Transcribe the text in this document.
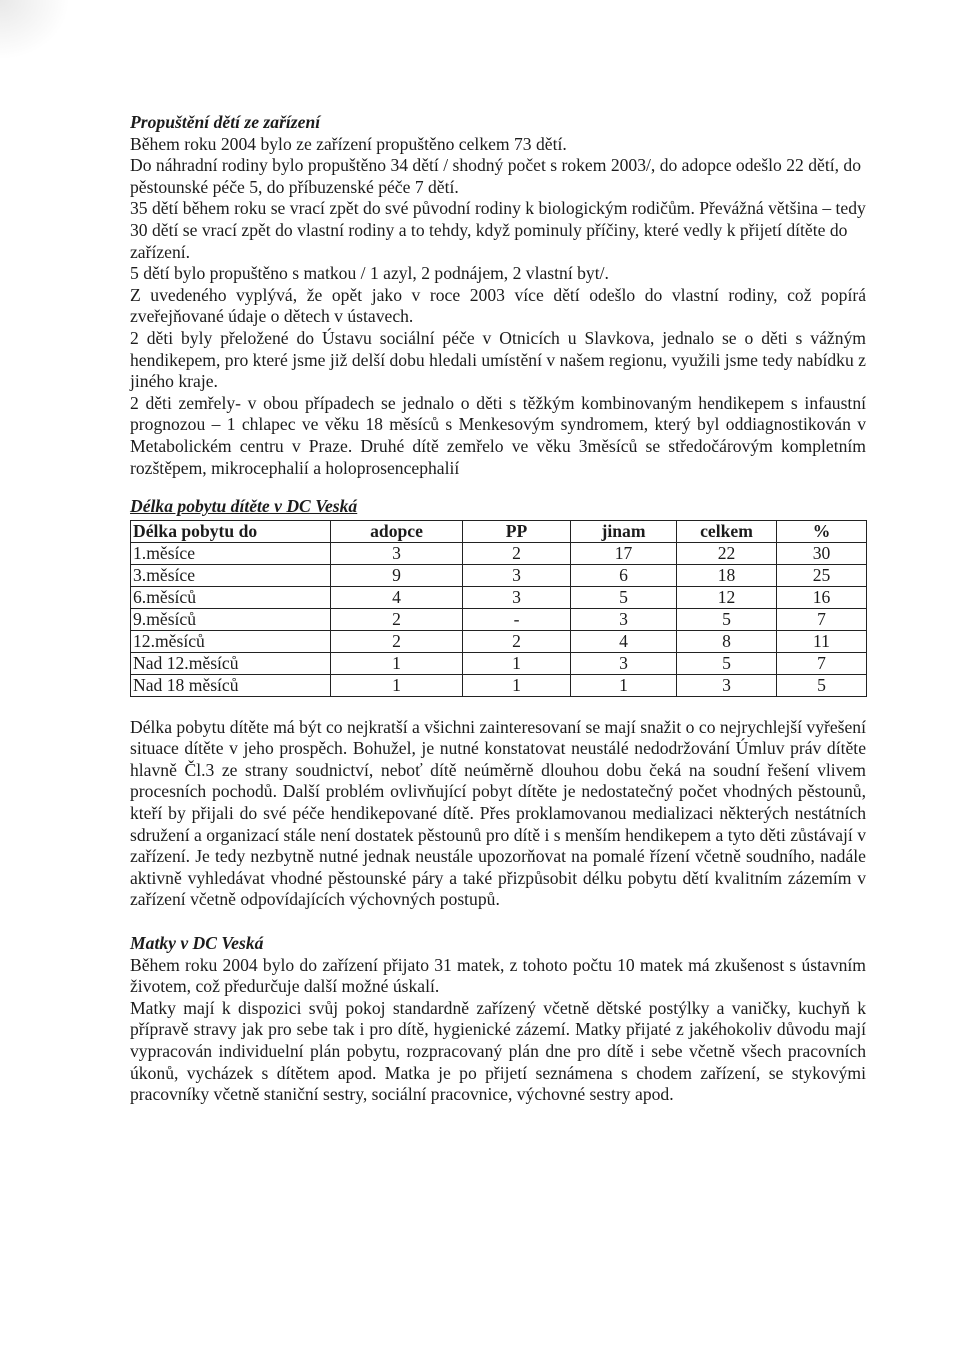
Propuštění dětí ze zařízení

Během roku 2004 bylo ze zařízení propuštěno celkem 73 dětí.

Do náhradní rodiny bylo propuštěno 34 dětí / shodný počet s rokem 2003/, do adopce odešlo 22 dětí, do pěstounské péče 5, do příbuzenské péče 7 dětí.

35 dětí během roku se vrací zpět do své původní rodiny k biologickým rodičům. Převážná většina – tedy 30 dětí se vrací zpět do vlastní rodiny a to tehdy, když pominuly příčiny, které vedly k přijetí dítěte do zařízení.

5 dětí bylo propuštěno s matkou / 1 azyl, 2 podnájem, 2 vlastní byt/.

Z uvedeného vyplývá, že opět jako v roce 2003 více dětí odešlo do vlastní rodiny, což popírá zveřejňované údaje o dětech v ústavech.

2 děti byly přeložené do Ústavu sociální péče v Otnicích u Slavkova, jednalo se o děti s vážným hendikepem, pro které jsme již delší dobu hledali umístění v našem regionu, využili jsme tedy nabídku z jiného kraje.

2 děti zemřely- v obou případech se jednalo o děti s těžkým kombinovaným hendikepem s infaustní prognozou – 1 chlapec ve věku 18 měsíců s Menkesovým syndromem, který byl oddiagnostikován v Metabolickém centru v Praze. Druhé dítě zemřelo ve věku 3měsíců se středočárovým kompletním rozštěpem, mikrocephalií a holoprosencephalií

Délka pobytu dítěte v DC Veská

Délka pobytu do	adopce	PP	jinam	celkem	%
1.měsíce	3	2	17	22	30
3.měsíce	9	3	6	18	25
6.měsíců	4	3	5	12	16
9.měsíců	2	-	3	5	7
12.měsíců	2	2	4	8	11
Nad 12.měsíců	1	1	3	5	7
Nad 18 měsíců	1	1	1	3	5

Délka pobytu dítěte má být co nejkratší a všichni zainteresovaní se mají snažit o co nejrychlejší vyřešení situace dítěte v jeho prospěch. Bohužel, je nutné konstatovat neustálé nedodržování Úmluv práv dítěte hlavně Čl.3 ze strany soudnictví, neboť dítě neúměrně dlouhou dobu čeká na soudní řešení vlivem procesních pochodů. Další problém ovlivňující pobyt dítěte je nedostatečný počet vhodných pěstounů, kteří by přijali do své péče hendikepované dítě. Přes proklamovanou medializaci některých nestátních sdružení a organizací stále není dostatek pěstounů pro dítě i s menším hendikepem a tyto děti zůstávají v zařízení. Je tedy nezbytně nutné jednak neustále upozorňovat na pomalé řízení včetně soudního, nadále aktivně vyhledávat vhodné pěstounské páry a také přizpůsobit délku pobytu dětí kvalitním zázemím v zařízení včetně odpovídajících výchovných postupů.

Matky v DC Veská

Během roku 2004 bylo do zařízení přijato 31 matek, z tohoto počtu 10 matek má zkušenost s ústavním životem, což předurčuje další možné úskalí.

Matky mají k dispozici svůj pokoj standardně zařízený včetně dětské postýlky a vaničky, kuchyň k přípravě stravy jak pro sebe tak i pro dítě, hygienické zázemí. Matky přijaté z jakéhokoliv důvodu mají vypracován individuelní plán pobytu, rozpracovaný plán dne pro dítě i sebe včetně všech pracovních úkonů, vycházek s dítětem apod. Matka je po přijetí seznámena s chodem zařízení, se stykovými pracovníky včetně staniční sestry, sociální pracovnice, výchovné sestry apod.
